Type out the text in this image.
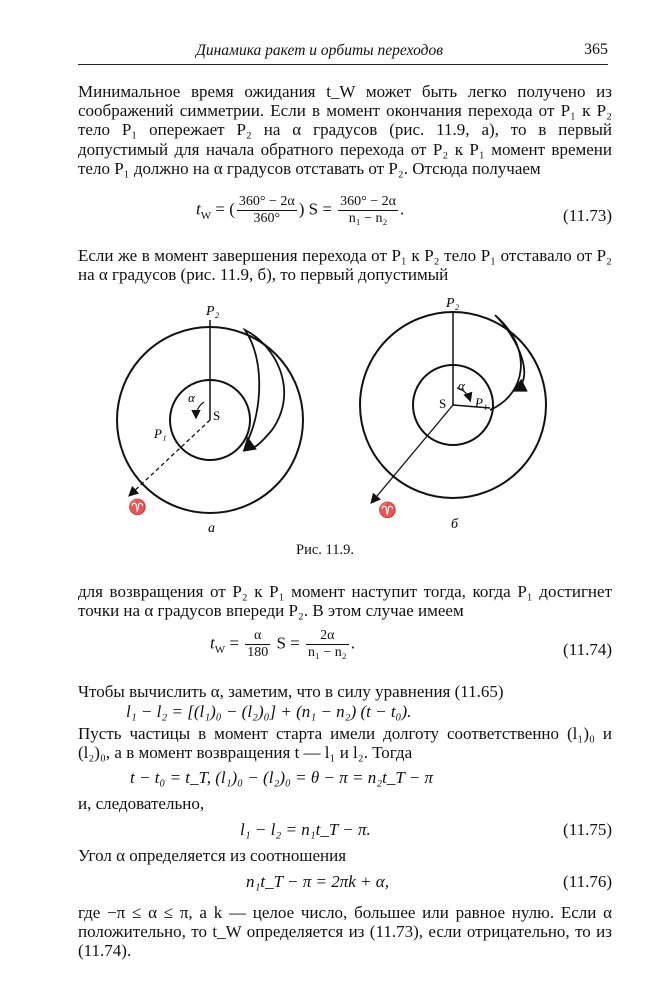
Динамика ракет и орбиты переходов	365

Минимальное время ожидания t_W может быть легко получено из соображений симметрии. Если в момент окончания перехода от P₁ к P₂ тело P₁ опережает P₂ на α градусов (рис. 11.9, а), то в первый допустимый для начала обратного перехода от P₂ к P₁ момент времени тело P₁ должно на α градусов отставать от P₂. Отсюда получаем

$t_W$ = ( $\frac{360^\circ - 2\alpha}{360^\circ}$ ) $S = \frac{360^\circ - 2\alpha}{\text{n₁ − n₂}}$ .	(11.73)

Если же в момент завершения перехода от P₁ к P₂ тело P₁ отставало от P₂ на α градусов (рис. 11.9, б), то первый допустимый

P₂
α
S
P₁
♈
а
P₂
α
S P₁
♈
б
Рис. 11.9.

для возвращения от P₂ к P₁ момент наступит тогда, когда P₁ достигнет точки на α градусов впереди P₂. В этом случае имеем

$t_W = \frac{\alpha}{180}$ $S = \frac{2\alpha}{\text{n₁ − n₂}}$ .	(11.74)

Чтобы вычислить α, заметим, что в силу уравнения (11.65)

l₁ − l₂ = [(l₁)₀ − (l₂)₀] + (n₁ − n₂) (t − t₀).

Пусть частицы в момент старта имели долготу соответственно (l₁)₀ и (l₂)₀, а в момент возвращения t — l₁ и l₂. Тогда

t − t₀ = t_T, (l₁)₀ − (l₂)₀ = θ − π = n₂t_T − π

и, следовательно,

l₁ − l₂ = n₁t_T − π.	(11.75)

Угол α определяется из соотношения

n₁t_T − π = 2πk + α,	(11.76)

где −π ≤ α ≤ π, а k — целое число, большее или равное нулю. Если α положительно, то t_W определяется из (11.73), если отрицательно, то из (11.74).
